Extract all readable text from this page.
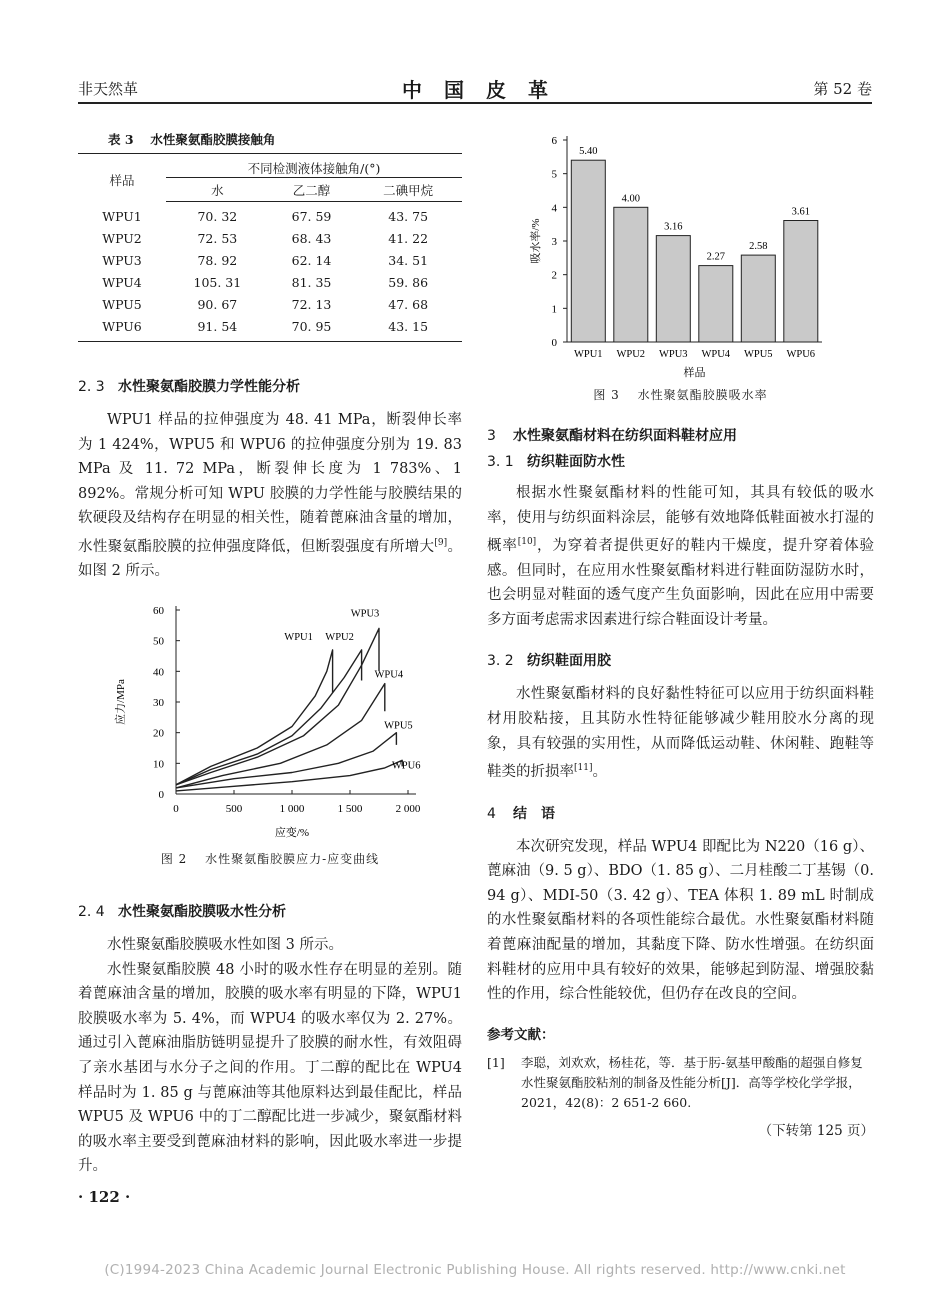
非天然革	中国皮革	第 52 卷
表 3 　水性聚氨酯胶膜接触角
样品	不同检测液体接触角/(°)		
	水	乙二醇	二碘甲烷
WPU1	70. 32	67. 59	43. 75
WPU2	72. 53	68. 43	41. 22
WPU3	78. 92	62. 14	34. 51
WPU4	105. 31	81. 35	59. 86
WPU5	90. 67	72. 13	47. 68
WPU6	91. 54	70. 95	43. 15
2. 3 水性聚氨酯胶膜力学性能分析

WPU1 样品的拉伸强度为 48. 41 MPa，断裂伸长率为 1 424%，WPU5 和 WPU6 的拉伸强度分别为 19. 83 MPa 及 11. 72 MPa，断裂伸长度为 1 783%、1 892%。常规分析可知 WPU 胶膜的力学性能与胶膜结果的软硬段及结构存在明显的相关性，随着蓖麻油含量的增加，水性聚氨酯胶膜的拉伸强度降低，但断裂强度有所增大[9]。如图 2 所示。

0
10
20
30
40
50
60
0	500	1 000	1 500	2 000
应变/%
应力/MPa
WPU1 WPU2
WPU3
WPU4
WPU5
WPU6
图 2 　水性聚氨酯胶膜应力-应变曲线
2. 4 水性聚氨酯胶膜吸水性分析

水性聚氨酯胶膜吸水性如图 3 所示。

水性聚氨酯胶膜 48 小时的吸水性存在明显的差别。随着蓖麻油含量的增加，胶膜的吸水率有明显的下降，WPU1 胶膜吸水率为 5. 4%，而 WPU4 的吸水率仅为 2. 27%。通过引入蓖麻油脂肪链明显提升了胶膜的耐水性，有效阻碍了亲水基团与水分子之间的作用。丁二醇的配比在 WPU4 样品时为 1. 85 g 与蓖麻油等其他原料达到最佳配比，样品 WPU5 及 WPU6 中的丁二醇配比进一步减少，聚氨酯材料的吸水率主要受到蓖麻油材料的影响，因此吸水率进一步提升。

0
1
2
3
4
5
6
吸水率/%
5.40
WPU1
4.00
WPU2
3.16
WPU3
2.27
WPU4
2.58
WPU5
3.61
WPU6
样品
图 3 　水性聚氨酯胶膜吸水率
3 水性聚氨酯材料在纺织面料鞋材应用
3. 1 纺织鞋面防水性

根据水性聚氨酯材料的性能可知，其具有较低的吸水率，使用与纺织面料涂层，能够有效地降低鞋面被水打湿的概率[10]，为穿着者提供更好的鞋内干燥度，提升穿着体验感。但同时，在应用水性聚氨酯材料进行鞋面防湿防水时，也会明显对鞋面的透气度产生负面影响，因此在应用中需要多方面考虑需求因素进行综合鞋面设计考量。

3. 2 纺织鞋面用胶

水性聚氨酯材料的良好黏性特征可以应用于纺织面料鞋材用胶粘接，且其防水性特征能够减少鞋用胶水分离的现象，具有较强的实用性，从而降低运动鞋、休闲鞋、跑鞋等鞋类的折损率[11]。

4 结　语

本次研究发现，样品 WPU4 即配比为 N220（16 g）、蓖麻油（9. 5 g）、BDO（1. 85 g）、二月桂酸二丁基锡（0. 94 g）、MDI-50（3. 42 g）、TEA 体积 1. 89 mL 时制成的水性聚氨酯材料的各项性能综合最优。水性聚氨酯材料随着蓖麻油配量的增加，其黏度下降、防水性增强。在纺织面料鞋材的应用中具有较好的效果，能够起到防湿、增强胶黏性的作用，综合性能较优，但仍存在改良的空间。

参考文献：
[1]	李聪，刘欢欢，杨桂花，等．基于肟-氨基甲酸酯的超强自修复水性聚氨酯胶粘剂的制备及性能分析[J]．高等学校化学学报，2021，42(8)：2 651-2 660.
（下转第 125 页）
· 122 ·
(C)1994-2023 China Academic Journal Electronic Publishing House. All rights reserved. http://www.cnki.net
